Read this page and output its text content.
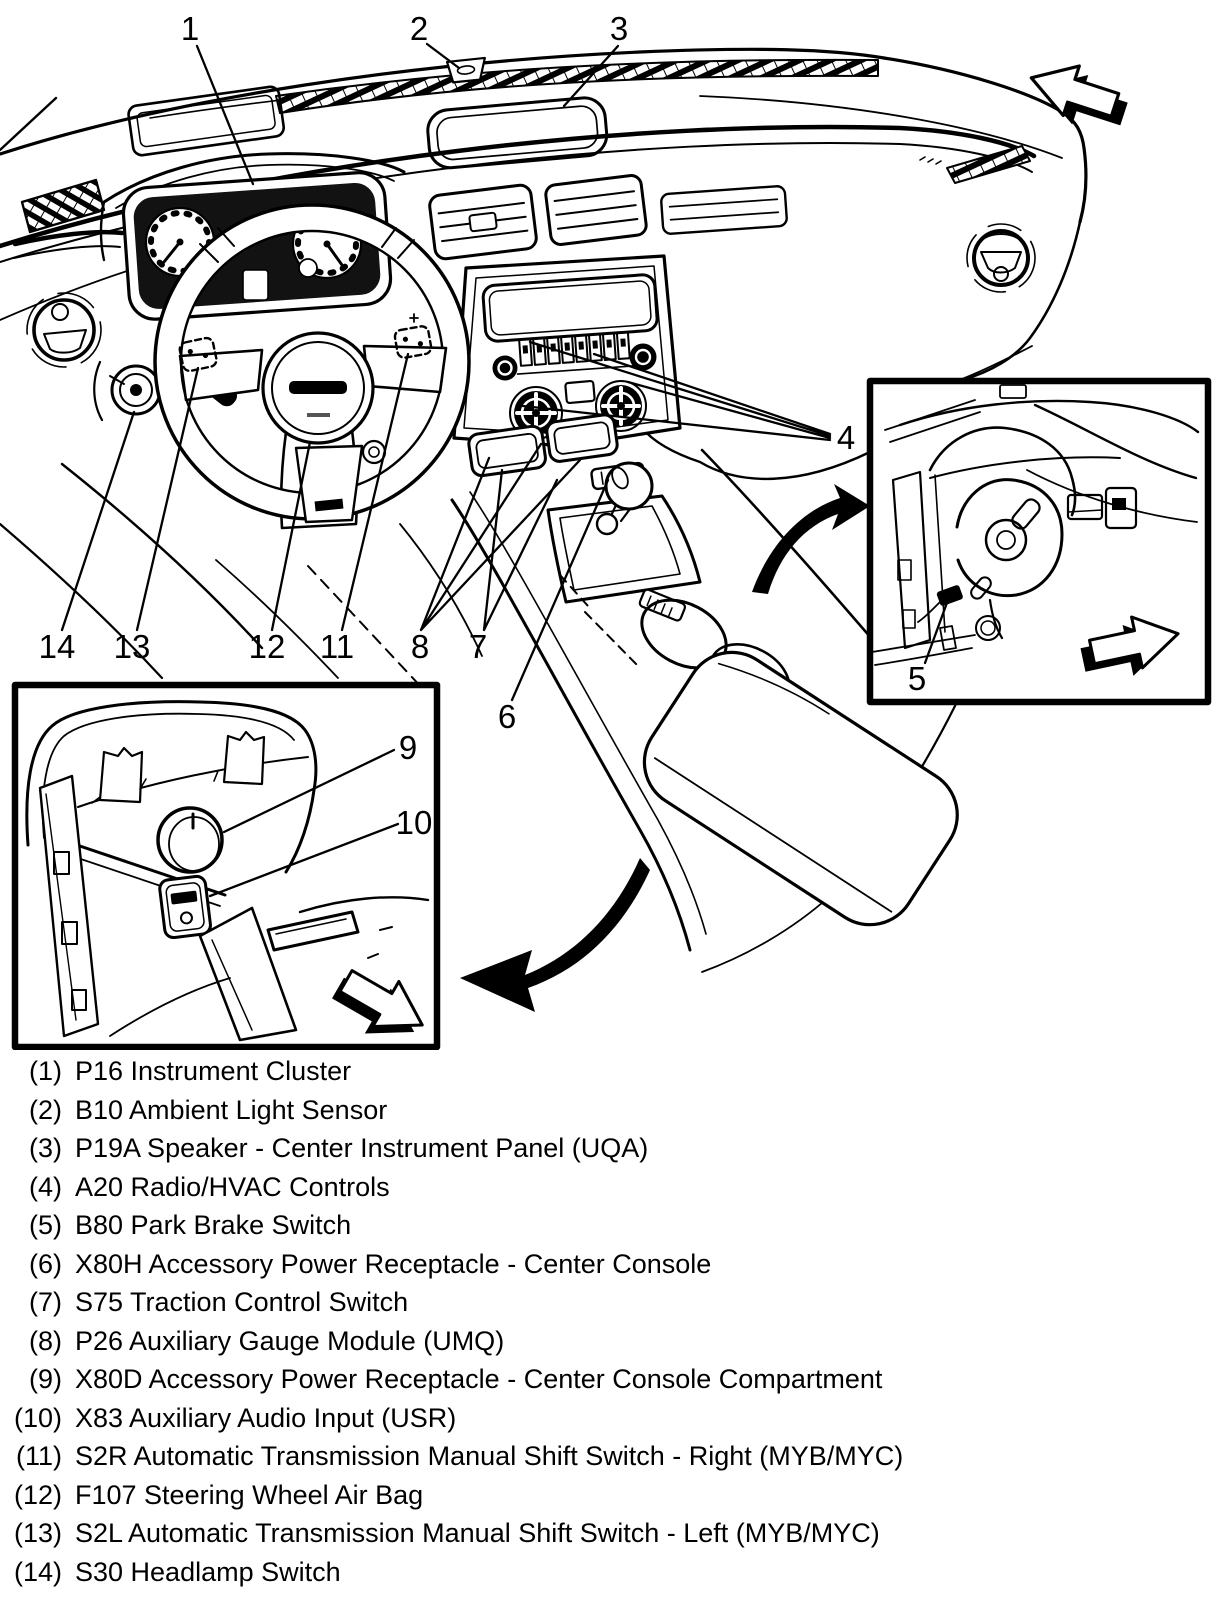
1	2	3
4
5
6
7
8
9
10
11
12
13
14
(1) P16 Instrument Cluster
(2) B10 Ambient Light Sensor
(3) P19A Speaker - Center Instrument Panel (UQA)
(4) A20 Radio/HVAC Controls
(5) B80 Park Brake Switch
(6) X80H Accessory Power Receptacle - Center Console
(7) S75 Traction Control Switch
(8) P26 Auxiliary Gauge Module (UMQ)
(9) X80D Accessory Power Receptacle - Center Console Compartment
(10) X83 Auxiliary Audio Input (USR)
(11) S2R Automatic Transmission Manual Shift Switch - Right (MYB/MYC)
(12) F107 Steering Wheel Air Bag
(13) S2L Automatic Transmission Manual Shift Switch - Left (MYB/MYC)
(14) S30 Headlamp Switch
